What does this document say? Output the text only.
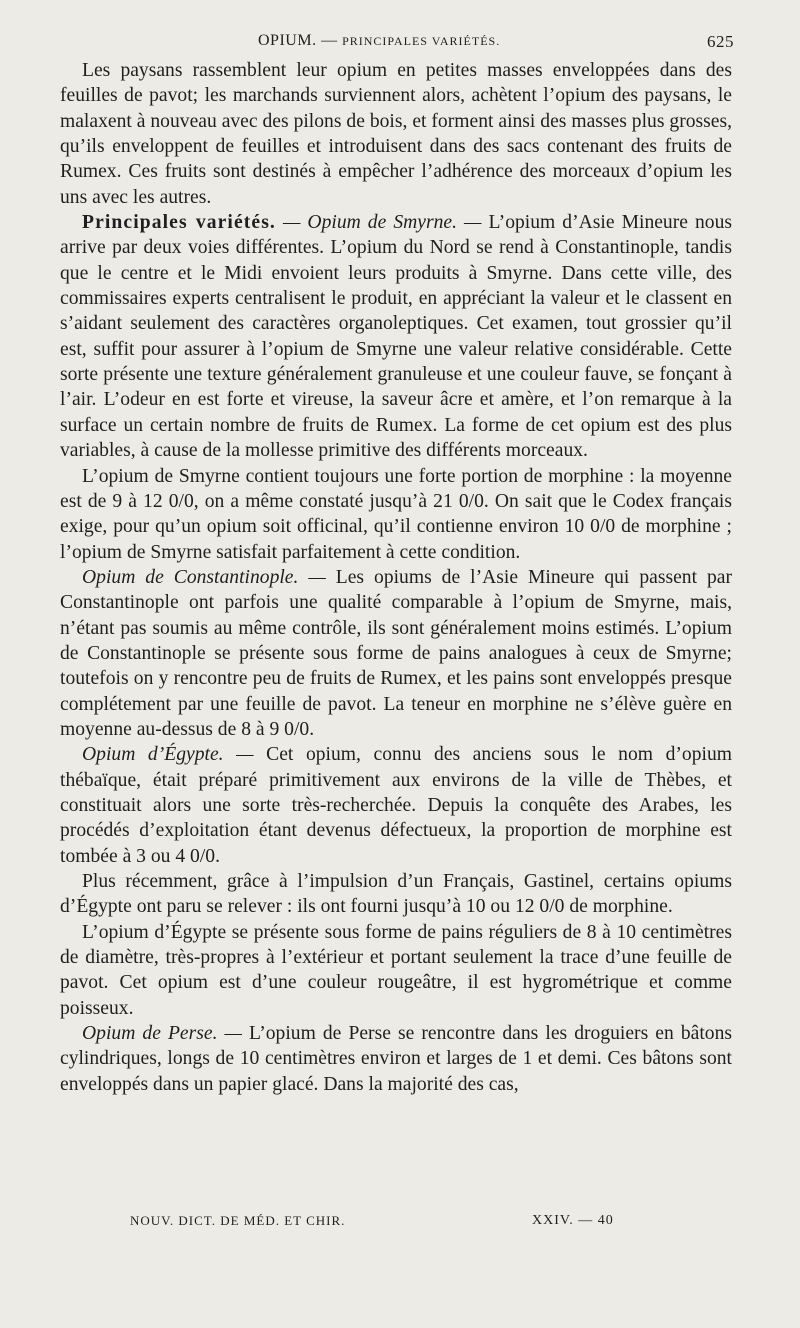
OPIUM. — PRINCIPALES VARIÉTÉS.	625

Les paysans rassemblent leur opium en petites masses enveloppées dans des feuilles de pavot; les marchands surviennent alors, achètent l’opium des paysans, le malaxent à nouveau avec des pilons de bois, et forment ainsi des masses plus grosses, qu’ils enveloppent de feuilles et introduisent dans des sacs contenant des fruits de Rumex. Ces fruits sont destinés à empêcher l’adhérence des morceaux d’opium les uns avec les autres.

Principales variétés. — Opium de Smyrne. — L’opium d’Asie Mineure nous arrive par deux voies différentes. L’opium du Nord se rend à Constantinople, tandis que le centre et le Midi envoient leurs produits à Smyrne. Dans cette ville, des commissaires experts centralisent le produit, en appréciant la valeur et le classent en s’aidant seulement des caractères organoleptiques. Cet examen, tout grossier qu’il est, suffit pour assurer à l’opium de Smyrne une valeur relative considérable. Cette sorte présente une texture généralement granuleuse et une couleur fauve, se fonçant à l’air. L’odeur en est forte et vireuse, la saveur âcre et amère, et l’on remarque à la surface un certain nombre de fruits de Rumex. La forme de cet opium est des plus variables, à cause de la mollesse primitive des différents morceaux.

L’opium de Smyrne contient toujours une forte portion de morphine : la moyenne est de 9 à 12 0/0, on a même constaté jusqu’à 21 0/0. On sait que le Codex français exige, pour qu’un opium soit officinal, qu’il contienne environ 10 0/0 de morphine ; l’opium de Smyrne satisfait parfaitement à cette condition.

Opium de Constantinople. — Les opiums de l’Asie Mineure qui passent par Constantinople ont parfois une qualité comparable à l’opium de Smyrne, mais, n’étant pas soumis au même contrôle, ils sont généralement moins estimés. L’opium de Constantinople se présente sous forme de pains analogues à ceux de Smyrne; toutefois on y rencontre peu de fruits de Rumex, et les pains sont enveloppés presque complétement par une feuille de pavot. La teneur en morphine ne s’élève guère en moyenne au-dessus de 8 à 9 0/0.

Opium d’Égypte. — Cet opium, connu des anciens sous le nom d’opium thébaïque, était préparé primitivement aux environs de la ville de Thèbes, et constituait alors une sorte très-recherchée. Depuis la conquête des Arabes, les procédés d’exploitation étant devenus défectueux, la proportion de morphine est tombée à 3 ou 4 0/0.

Plus récemment, grâce à l’impulsion d’un Français, Gastinel, certains opiums d’Égypte ont paru se relever : ils ont fourni jusqu’à 10 ou 12 0/0 de morphine.

L’opium d’Égypte se présente sous forme de pains réguliers de 8 à 10 centimètres de diamètre, très-propres à l’extérieur et portant seulement la trace d’une feuille de pavot. Cet opium est d’une couleur rougeâtre, il est hygrométrique et comme poisseux.

Opium de Perse. — L’opium de Perse se rencontre dans les droguiers en bâtons cylindriques, longs de 10 centimètres environ et larges de 1 et demi. Ces bâtons sont enveloppés dans un papier glacé. Dans la majorité des cas,

NOUV. DICT. DE MÉD. ET CHIR.	XXIV. — 40
